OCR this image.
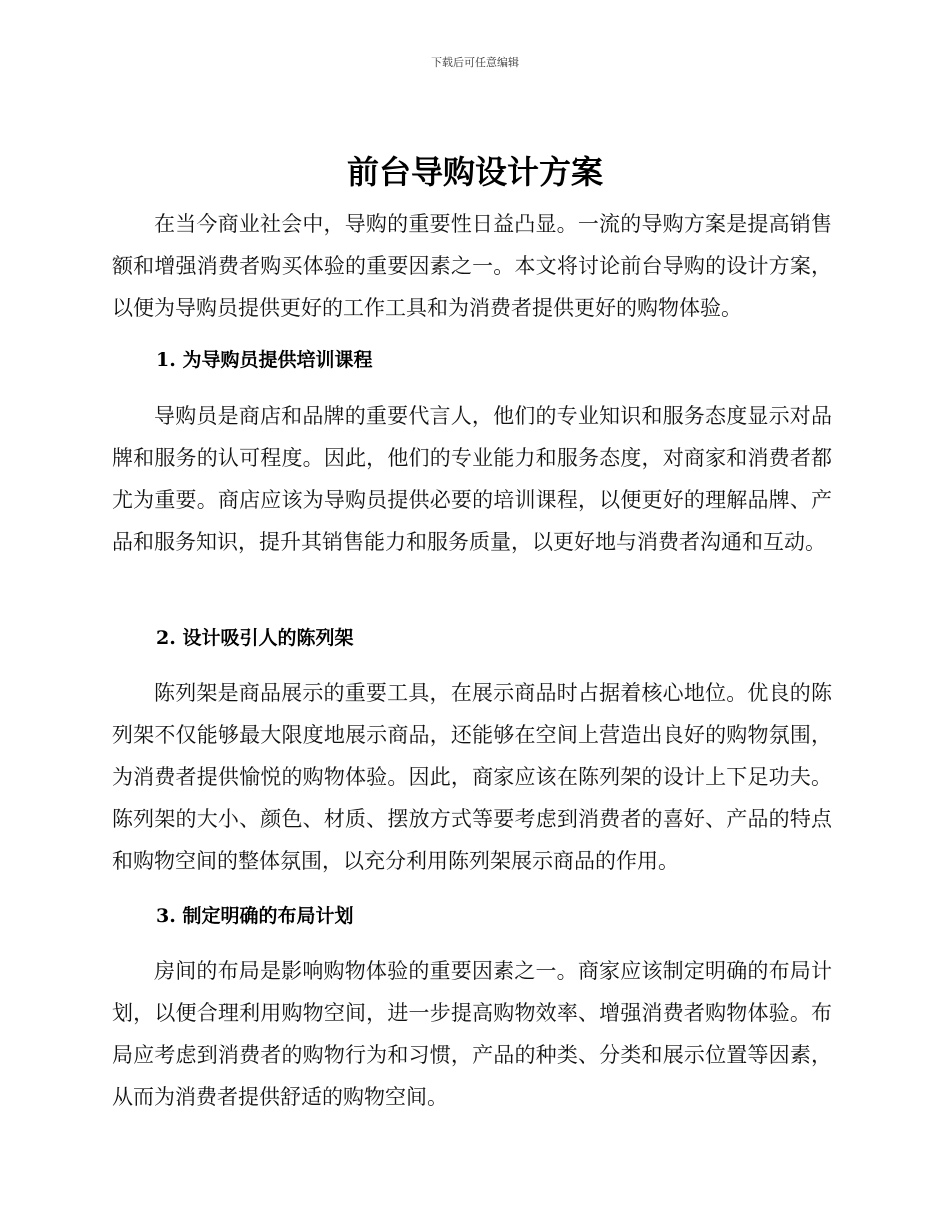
下载后可任意编辑
前台导购设计方案

在当今商业社会中，导购的重要性日益凸显。一流的导购方案是提高销售额和增强消费者购买体验的重要因素之一。本文将讨论前台导购的设计方案，以便为导购员提供更好的工作工具和为消费者提供更好的购物体验。

1. 为导购员提供培训课程

导购员是商店和品牌的重要代言人，他们的专业知识和服务态度显示对品牌和服务的认可程度。因此，他们的专业能力和服务态度，对商家和消费者都尤为重要。商店应该为导购员提供必要的培训课程，以便更好的理解品牌、产品和服务知识，提升其销售能力和服务质量，以更好地与消费者沟通和互动。

2. 设计吸引人的陈列架

陈列架是商品展示的重要工具，在展示商品时占据着核心地位。优良的陈列架不仅能够最大限度地展示商品，还能够在空间上营造出良好的购物氛围，为消费者提供愉悦的购物体验。因此，商家应该在陈列架的设计上下足功夫。陈列架的大小、颜色、材质、摆放方式等要考虑到消费者的喜好、产品的特点和购物空间的整体氛围，以充分利用陈列架展示商品的作用。

3. 制定明确的布局计划

房间的布局是影响购物体验的重要因素之一。商家应该制定明确的布局计划，以便合理利用购物空间，进一步提高购物效率、增强消费者购物体验。布局应考虑到消费者的购物行为和习惯，产品的种类、分类和展示位置等因素，从而为消费者提供舒适的购物空间。
